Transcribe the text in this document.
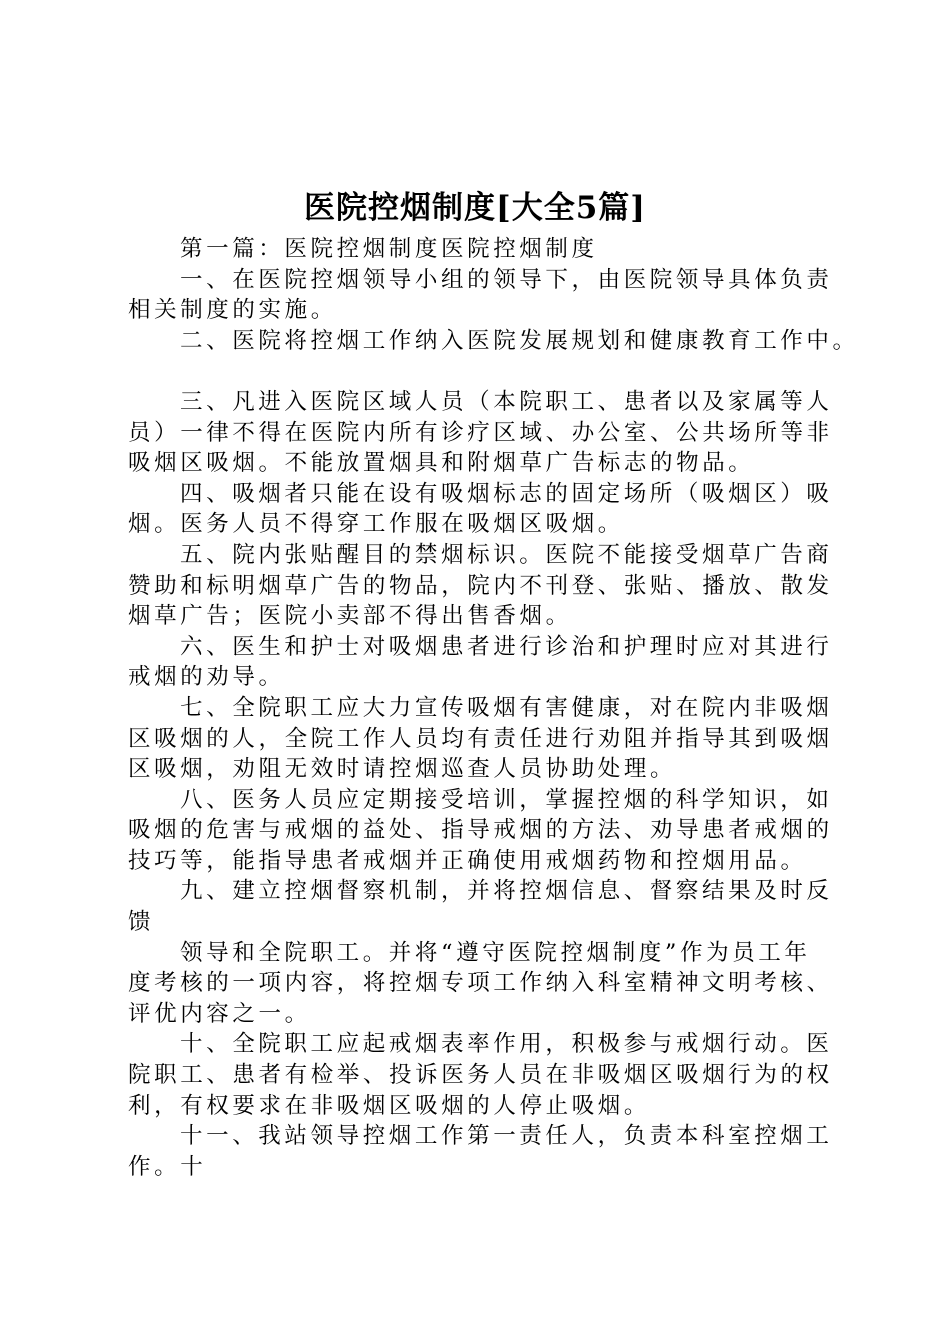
医院控烟制度[大全5篇]
第一篇：医院控烟制度医院控烟制度
一、在医院控烟领导小组的领导下，由医院领导具体负责
相关制度的实施。
二、医院将控烟工作纳入医院发展规划和健康教育工作中。
三、凡进入医院区域人员（本院职工、患者以及家属等人
员）一律不得在医院内所有诊疗区域、办公室、公共场所等非
吸烟区吸烟。不能放置烟具和附烟草广告标志的物品。
四、吸烟者只能在设有吸烟标志的固定场所（吸烟区）吸
烟。医务人员不得穿工作服在吸烟区吸烟。
五、院内张贴醒目的禁烟标识。医院不能接受烟草广告商
赞助和标明烟草广告的物品，院内不刊登、张贴、播放、散发
烟草广告；医院小卖部不得出售香烟。
六、医生和护士对吸烟患者进行诊治和护理时应对其进行
戒烟的劝导。
七、全院职工应大力宣传吸烟有害健康，对在院内非吸烟
区吸烟的人，全院工作人员均有责任进行劝阻并指导其到吸烟
区吸烟，劝阻无效时请控烟巡查人员协助处理。
八、医务人员应定期接受培训，掌握控烟的科学知识，如
吸烟的危害与戒烟的益处、指导戒烟的方法、劝导患者戒烟的
技巧等，能指导患者戒烟并正确使用戒烟药物和控烟用品。
九、建立控烟督察机制，并将控烟信息、督察结果及时反
馈
领导和全院职工。并将“遵守医院控烟制度”作为员工年
度考核的一项内容，将控烟专项工作纳入科室精神文明考核、
评优内容之一。
十、全院职工应起戒烟表率作用，积极参与戒烟行动。医
院职工、患者有检举、投诉医务人员在非吸烟区吸烟行为的权
利，有权要求在非吸烟区吸烟的人停止吸烟。
十一、我站领导控烟工作第一责任人，负责本科室控烟工
作。十
